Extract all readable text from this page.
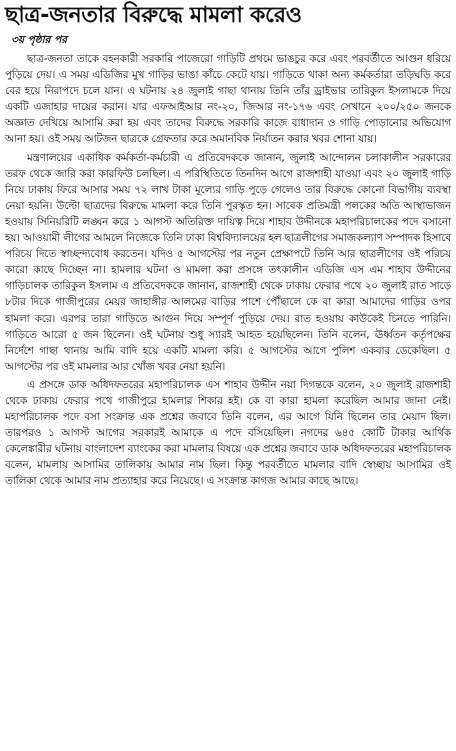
ছাত্র-জনতার বিরুদ্ধে মামলা করেও
৩য় পৃষ্ঠার পর

ছাত্র-জনতা তাকে বহনকারী সরকারি পাজেরো গাড়িটি প্রথমে ভাঙচুর করে এবং পরবর্তীতে আগুন ধরিয়ে পুড়িয়ে দেয়। এ সময় এডিজির মুখ গাড়ির ভাঙা কাঁচে কেটে যায়। গাড়িতে থাকা অন্য কর্মকর্তারা তড়িঘড়ি করে বের হয়ে নিরাপদে চলে যান। এ ঘটনায় ২৪ জুলাই গাছা থানায় তিনি তাঁর ড্রাইভার তারিকুল ইসলামকে দিয়ে একটি এজাহার দায়ের করান। যার এফআইআর নং-২০, জিআর নং-১৭৬ এবং সেখানে ২০০/২৫০ জনকে অজ্ঞাত দেখিয়ে আসামি করা হয় এবং তাদের বিরুদ্ধে সরকারি কাজে বাধাদান ও গাড়ি পোড়ানোর অভিযোগ আনা হয়। ওই সময় আটজন ছাত্রকে গ্রেফতার করে অমানবিক নির্যাতন করার খবর শোনা যায়।

মন্ত্রণালয়ের একাধিক কর্মকর্তা-কর্মচারী এ প্রতিবেদককে জানান, জুলাই আন্দোলন চলাকালীন সরকারের তরফ থেকে জারি করা কারফিউ চলছিল। এ পরিস্থিতিতে তিনদিন আগে রাজশাহী যাওয়া এবং ২০ জুলাই গাড়ি নিয়ে ঢাকায় ফিরে আসার সময় ৭২ লাখ টাকা মূল্যের গাড়ি পুড়ে গেলেও তার বিরুদ্ধে কোনো বিভাগীয় ব্যবস্থা নেয়া হয়নি। উল্টো ছাত্রদের বিরুদ্ধে মামলা করে তিনি পুরস্কৃত হন। সাবেক প্রতিমন্ত্রী পলকের অতি আস্থাভাজন হওয়ায় সিনিয়রিটি লঙ্ঘন করে ১ আগস্ট অতিরিক্ত দায়িত্ব দিয়ে শাহাব উদ্দীনকে মহাপরিচালকের পদে বসানো হয়। আওয়ামী লীগের আমলে নিজেকে তিনি ঢাকা বিশ্ববিদ্যালয়ের হল ছাত্রলীগের সমাজকল্যাণ সম্পাদক হিসাবে পরিচয় দিতে স্বাচ্ছন্দ্যবোধ করতেন। যদিও ৫ আগস্টের পর নতুন প্রেক্ষাপটে তিনি আর ছাত্রলীগের ওই পরিচয় কারো কাছে দিচ্ছেন না। হামলার ঘটনা ও মামলা করা প্রসঙ্গে তৎকালীন এডিজি এস এম শাহাব উদ্দীনের গাড়িচালক তারিকুল ইসলাম এ প্রতিবেদককে জানান, রাজশাহী থেকে ঢাকায় ফেরার পথে ২০ জুলাই রাত সাড়ে ৮টার দিকে গাজীপুরের মেয়র জাহাঙ্গীর আলমের বাড়ির পাশে পৌঁছালে কে বা কারা আমাদের গাড়ির ওপর হামলা করে। এরপর তারা গাড়িতে আগুন দিয়ে সম্পূর্ণ পুড়িয়ে দেয়। রাত হওয়ায় কাউকেই চিনতে পারিনি। গাড়িতে আরো ৫ জন ছিলেন। ওই ঘটনায় শুধু স্যারই আহত হয়েছিলেন। তিনি বলেন, ঊর্ধ্বতন কর্তৃপক্ষের নির্দেশে গাছা থানায় আমি বাদি হয়ে একটি মামলা করি। ৫ আগস্টের আগে পুলিশ একবার ডেকেছিল। ৫ আগস্টের পর ওই মামলার আর খোঁজ খবর নেয়া হয়নি।

এ প্রসঙ্গে ডাক অধিদফতরের মহাপরিচালক এস শাহাব উদ্দীন নয়া দিগন্তকে বলেন, ২০ জুলাই রাজশাহী থেকে ঢাকায় ফেরার পথে গাজীপুরে হামলার শিকার হই। কে বা কারা হামলা করেছিল আমার জানা নেই। মহাপরিচালক পদে বসা সংক্রান্ত এক প্রশ্নের জবাবে তিনি বলেন, এর আগে যিনি ছিলেন তার মেয়াদ ছিল। তারপরও ১ আগস্ট আগের সরকারই আমাকে এ পদে বসিয়েছিল। নগদের ৬৪৫ কোটি টাকার আর্থিক কেলেঙ্কারীর ঘটনায় বাংলাদেশ ব্যাংকের করা মামলার বিষয়ে এক প্রশ্নের জবাবে ডাক অধিদফতরের মহাপরিচালক বলেন, মামলায় আসামির তালিকায় আমার নাম ছিল। কিন্তু পরবর্তীতে মামলার বাদি স্বেচ্ছায় আসামির ওই তালিকা থেকে আমার নাম প্রত্যাহার করে নিয়েছে। এ সংক্রান্ত কাগজ আমার কাছে আছে।
